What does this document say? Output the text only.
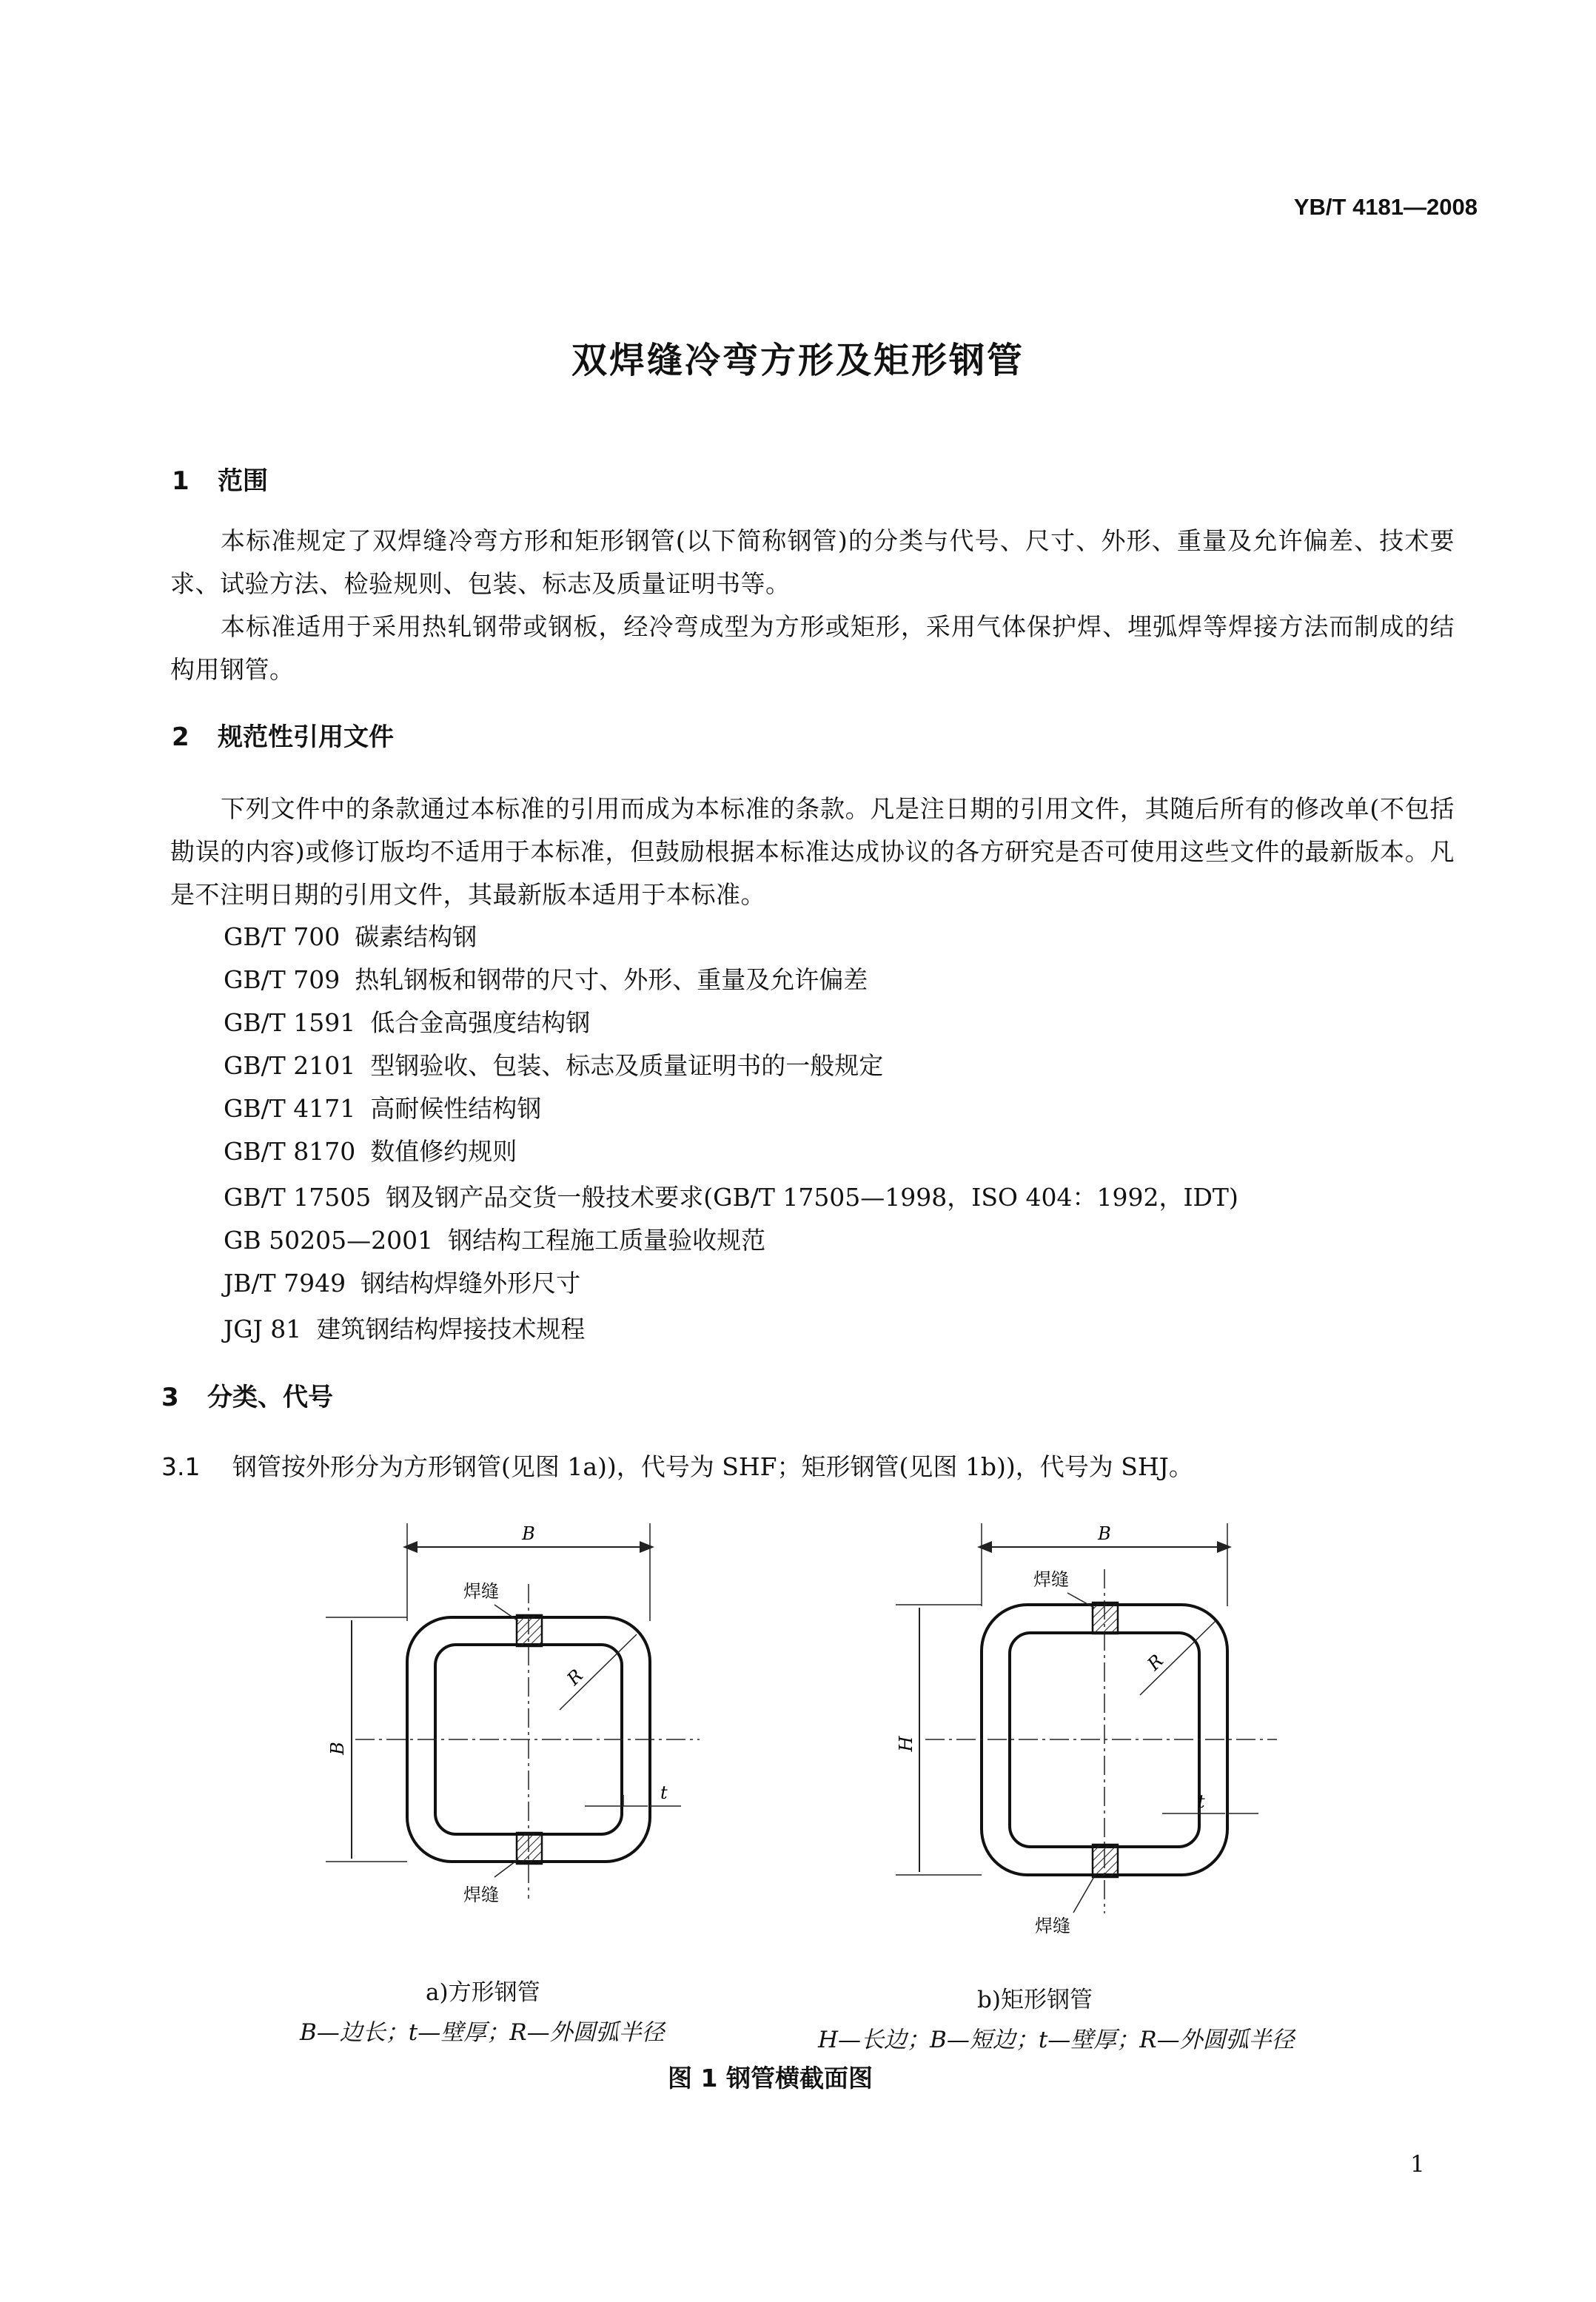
YB/T 4181—2008
双焊缝冷弯方形及矩形钢管
1 范围
本标准规定了双焊缝冷弯方形和矩形钢管(以下简称钢管)的分类与代号、尺寸、外形、重量及允许偏差、技术要求、试验方法、检验规则、包装、标志及质量证明书等。
本标准适用于采用热轧钢带或钢板，经冷弯成型为方形或矩形，采用气体保护焊、埋弧焊等焊接方法而制成的结构用钢管。
2 规范性引用文件
下列文件中的条款通过本标准的引用而成为本标准的条款。凡是注日期的引用文件，其随后所有的修改单(不包括勘误的内容)或修订版均不适用于本标准，但鼓励根据本标准达成协议的各方研究是否可使用这些文件的最新版本。凡是不注明日期的引用文件，其最新版本适用于本标准。
GB/T 700 碳素结构钢
GB/T 709 热轧钢板和钢带的尺寸、外形、重量及允许偏差
GB/T 1591 低合金高强度结构钢
GB/T 2101 型钢验收、包装、标志及质量证明书的一般规定
GB/T 4171 高耐候性结构钢
GB/T 8170 数值修约规则
GB/T 17505 钢及钢产品交货一般技术要求(GB/T 17505—1998，ISO 404：1992，IDT)
GB 50205—2001 钢结构工程施工质量验收规范
JB/T 7949 钢结构焊缝外形尺寸
JGJ 81 建筑钢结构焊接技术规程
3 分类、代号
3.1 钢管按外形分为方形钢管(见图 1a))，代号为 SHF；矩形钢管(见图 1b))，代号为 SHJ。
B
B
焊缝
焊缝
R
t
B
H
焊缝
焊缝
R
t
a)方形钢管
B—边长；t—壁厚；R—外圆弧半径
b)矩形钢管
H—长边；B—短边；t—壁厚；R—外圆弧半径
图 1 钢管横截面图
1
